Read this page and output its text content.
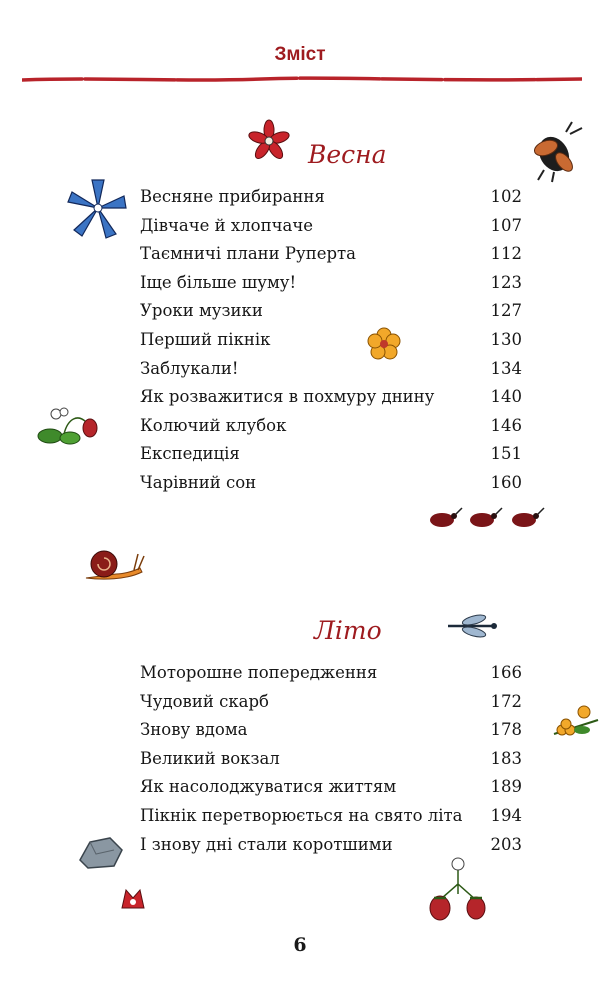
Зміст
Весна
Весняне прибирання	102
Дівчаче й хлопчаче	107
Таємничі плани Руперта	112
Іще більше шуму!	123
Уроки музики	127
Перший пікнік	130
Заблукали!	134
Як розважитися в похмуру днину	140
Колючий клубок	146
Експедиція	151
Чарівний сон	160
Літо
Моторошне попередження	166
Чудовий скарб	172
Знову вдома	178
Великий вокзал	183
Як насолоджуватися життям	189
Пікнік перетворюється на свято літа 194
І знову дні стали коротшими	203
6
